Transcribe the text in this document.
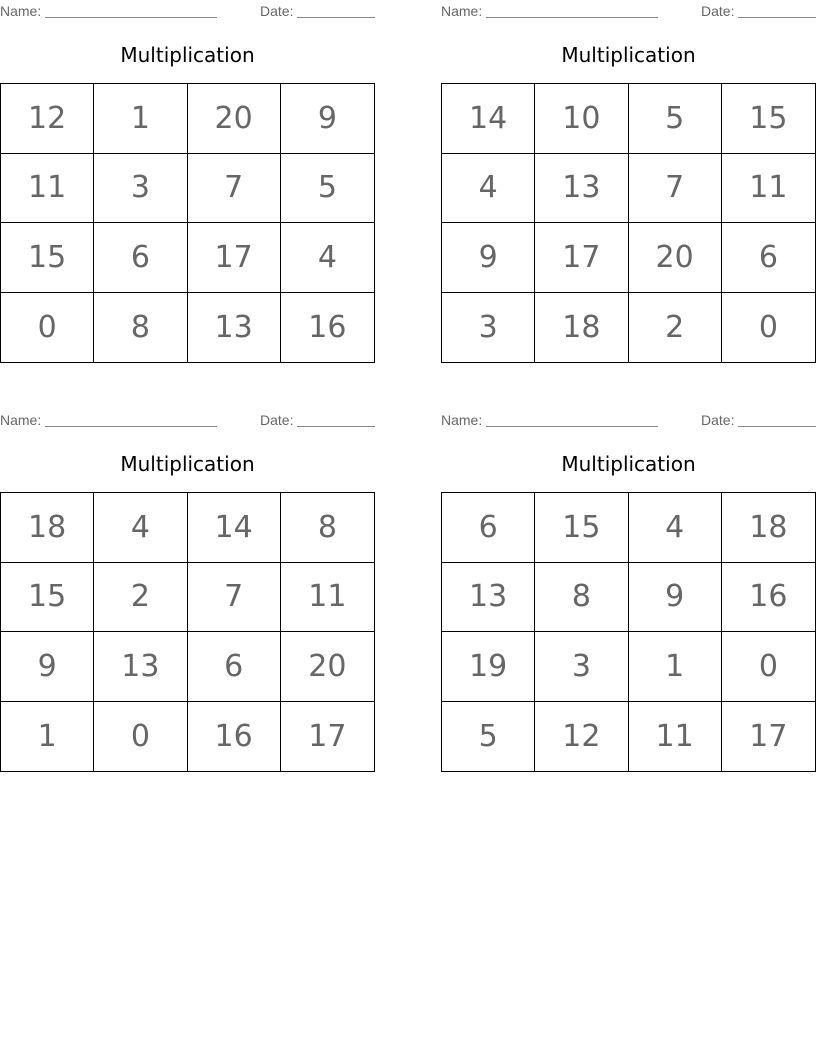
Name:	Date:
Multiplication
12	1	20	9
11	3	7	5
15	6	17	4
0	8	13	16
Name:	Date:
Multiplication
14	10	5	15
4	13	7	11
9	17	20	6
3	18	2	0
Name:	Date:
Multiplication
18	4	14	8
15	2	7	11
9	13	6	20
1	0	16	17
Name:	Date:
Multiplication
6	15	4	18
13	8	9	16
19	3	1	0
5	12	11	17
